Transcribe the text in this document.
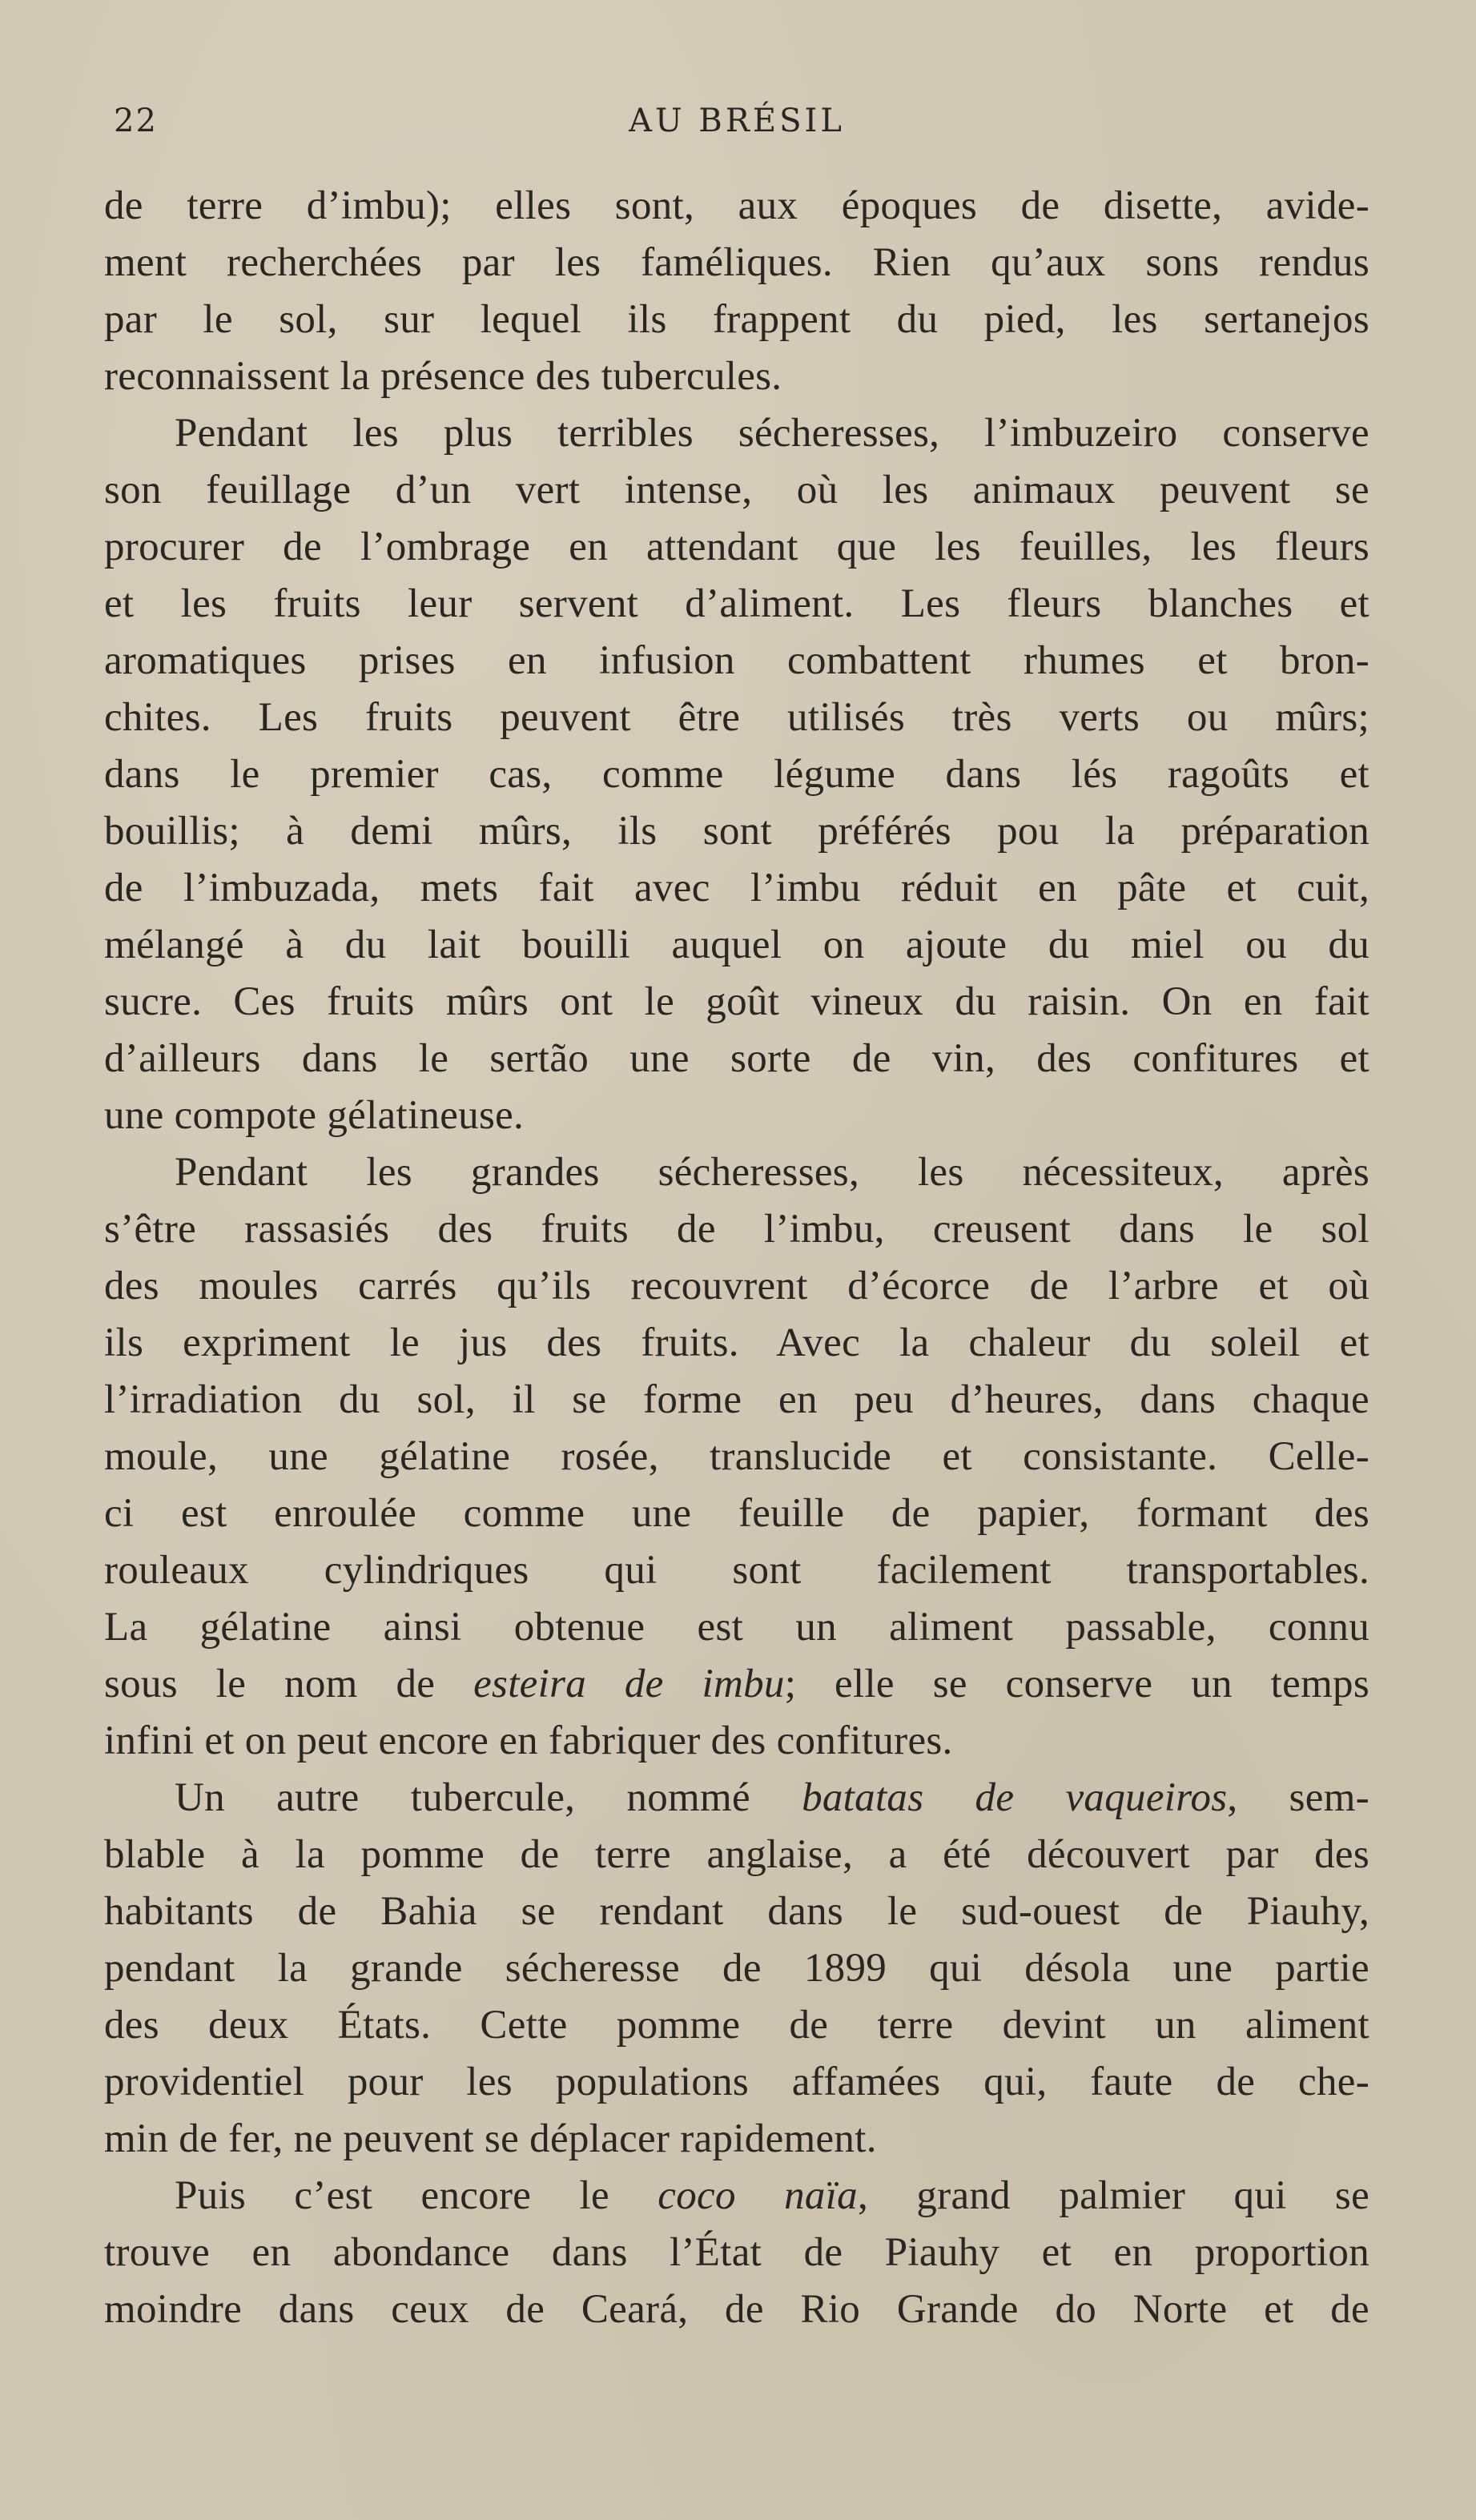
22	AU BRÉSIL
de terre d’imbu); elles sont, aux époques de disette, avide-
ment recherchées par les faméliques. Rien qu’aux sons rendus
par le sol, sur lequel ils frappent du pied, les sertanejos
reconnaissent la présence des tubercules.
Pendant les plus terribles sécheresses, l’imbuzeiro conserve
son feuillage d’un vert intense, où les animaux peuvent se
procurer de l’ombrage en attendant que les feuilles, les fleurs
et les fruits leur servent d’aliment. Les fleurs blanches et
aromatiques prises en infusion combattent rhumes et bron-
chites. Les fruits peuvent être utilisés très verts ou mûrs;
dans le premier cas, comme légume dans lés ragoûts et
bouillis; à demi mûrs, ils sont préférés pou la préparation
de l’imbuzada, mets fait avec l’imbu réduit en pâte et cuit,
mélangé à du lait bouilli auquel on ajoute du miel ou du
sucre. Ces fruits mûrs ont le goût vineux du raisin. On en fait
d’ailleurs dans le sertão une sorte de vin, des confitures et
une compote gélatineuse.
Pendant les grandes sécheresses, les nécessiteux, après
s’être rassasiés des fruits de l’imbu, creusent dans le sol
des moules carrés qu’ils recouvrent d’écorce de l’arbre et où
ils expriment le jus des fruits. Avec la chaleur du soleil et
l’irradiation du sol, il se forme en peu d’heures, dans chaque
moule, une gélatine rosée, translucide et consistante. Celle-
ci est enroulée comme une feuille de papier, formant des
rouleaux cylindriques qui sont facilement transportables.
La gélatine ainsi obtenue est un aliment passable, connu
sous le nom de esteira de imbu; elle se conserve un temps
infini et on peut encore en fabriquer des confitures.
Un autre tubercule, nommé batatas de vaqueiros, sem-
blable à la pomme de terre anglaise, a été découvert par des
habitants de Bahia se rendant dans le sud-ouest de Piauhy,
pendant la grande sécheresse de 1899 qui désola une partie
des deux États. Cette pomme de terre devint un aliment
providentiel pour les populations affamées qui, faute de che-
min de fer, ne peuvent se déplacer rapidement.
Puis c’est encore le coco naïa, grand palmier qui se
trouve en abondance dans l’État de Piauhy et en proportion
moindre dans ceux de Ceará, de Rio Grande do Norte et de
